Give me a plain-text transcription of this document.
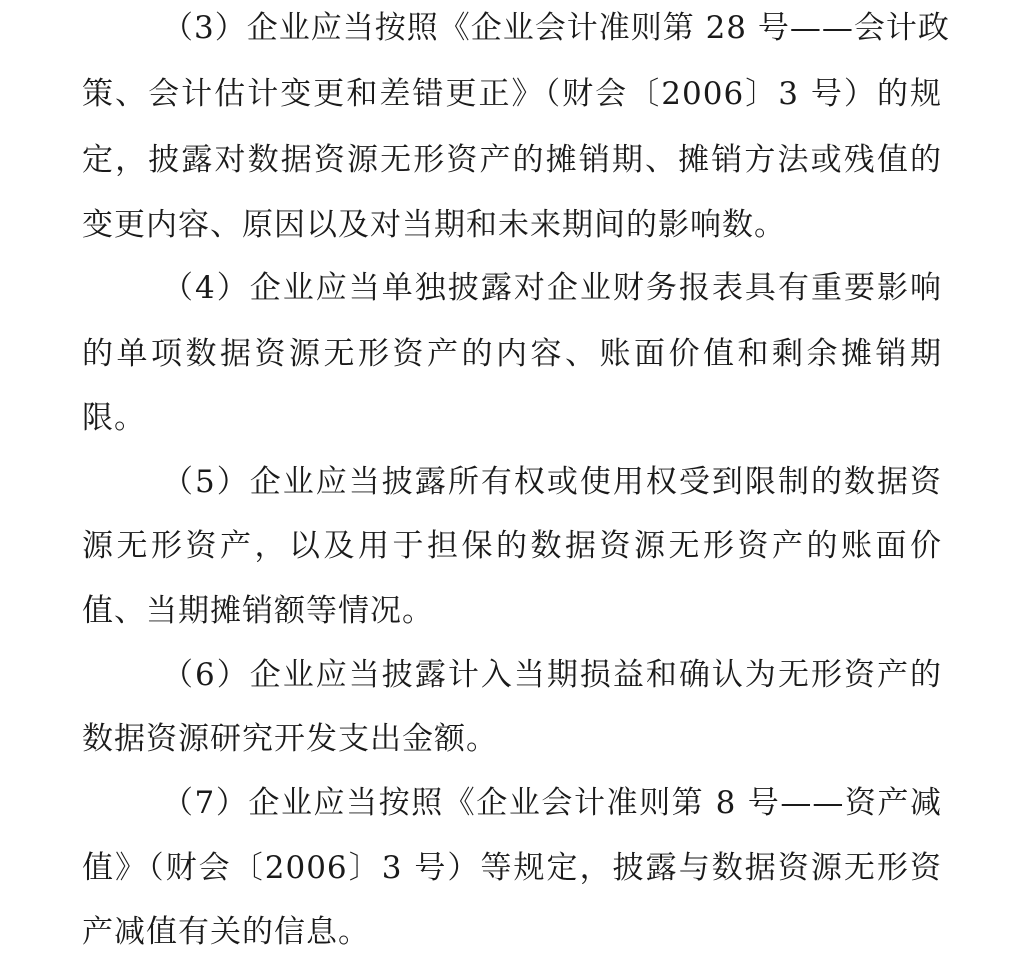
（3）企业应当按照《企业会计准则第 28 号——会计政
策、会计估计变更和差错更正》（财会〔2006〕3 号）的规
定，披露对数据资源无形资产的摊销期、摊销方法或残值的
变更内容、原因以及对当期和未来期间的影响数。
（4）企业应当单独披露对企业财务报表具有重要影响
的单项数据资源无形资产的内容、账面价值和剩余摊销期
限。
（5）企业应当披露所有权或使用权受到限制的数据资
源无形资产，以及用于担保的数据资源无形资产的账面价
值、当期摊销额等情况。
（6）企业应当披露计入当期损益和确认为无形资产的
数据资源研究开发支出金额。
（7）企业应当按照《企业会计准则第 8 号——资产减
值》（财会〔2006〕3 号）等规定，披露与数据资源无形资
产减值有关的信息。
